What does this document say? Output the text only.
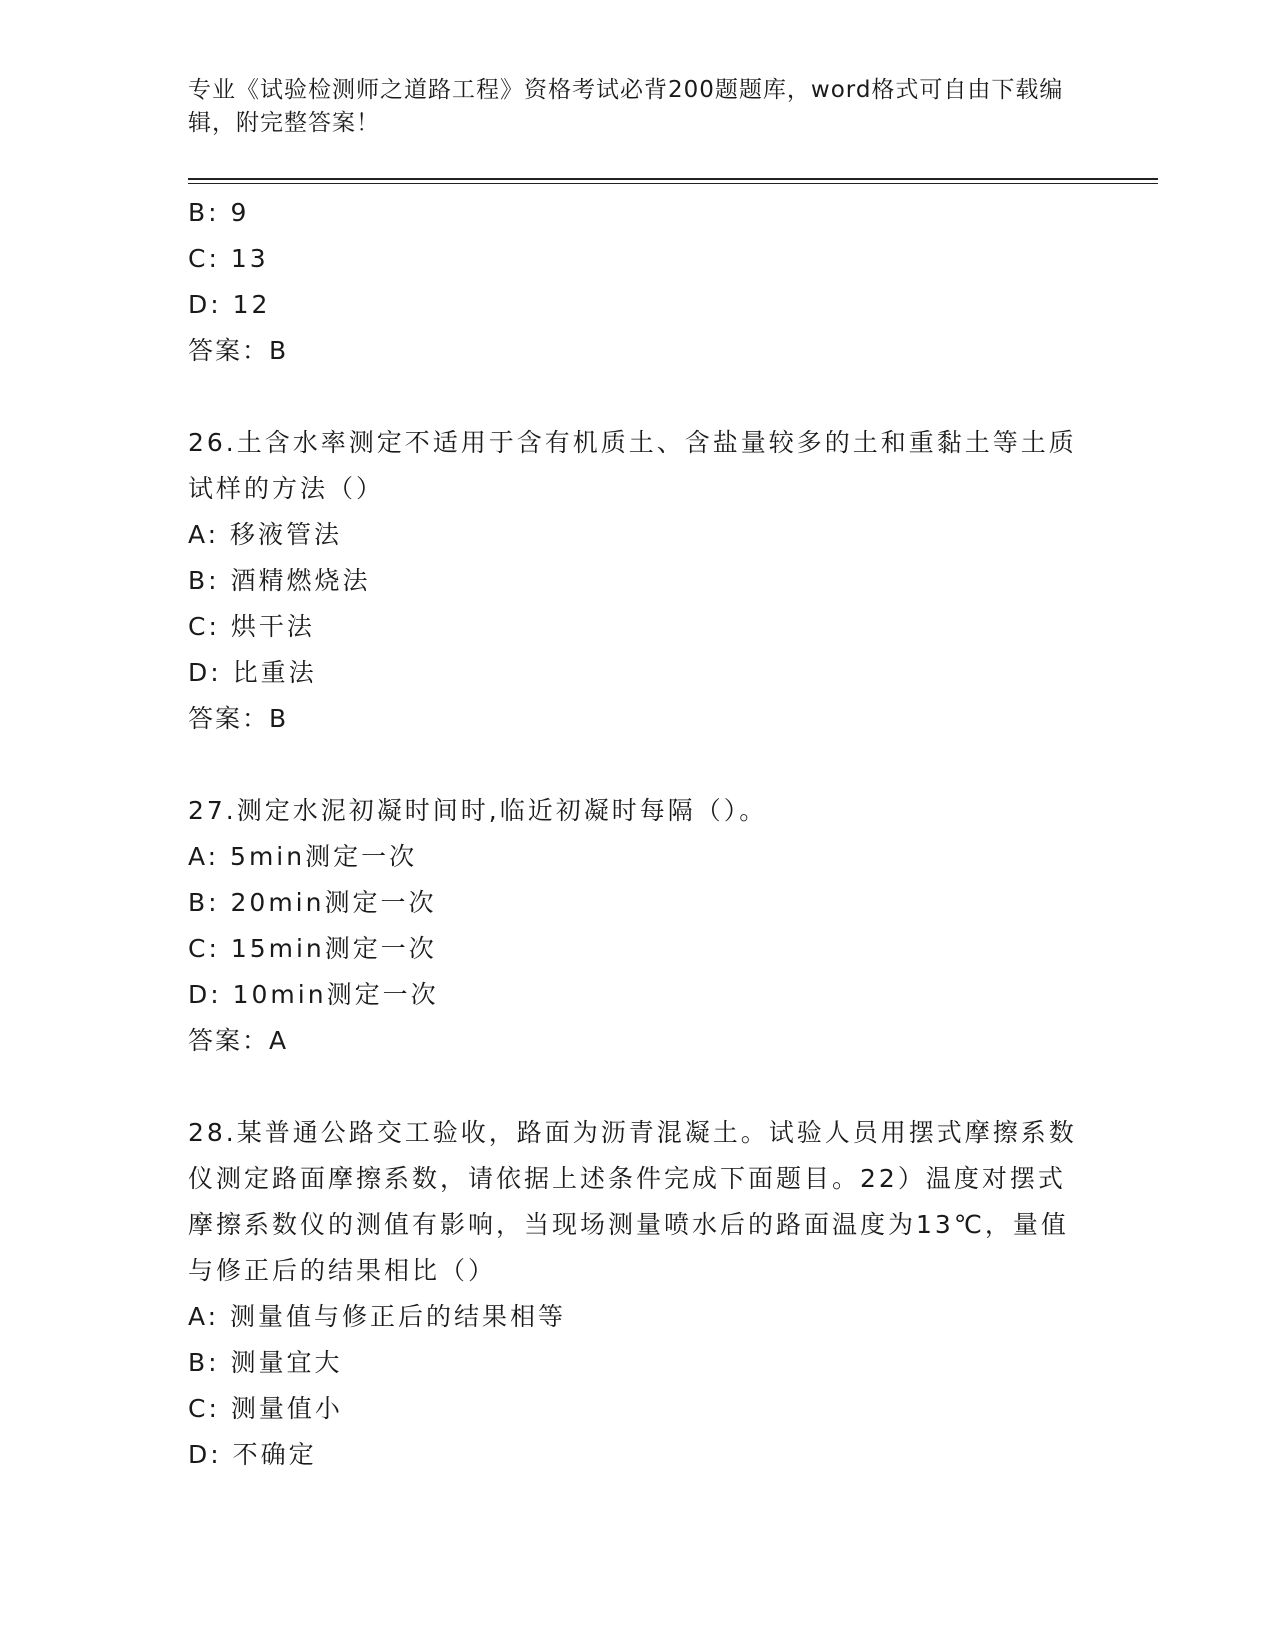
专业《试验检测师之道路工程》资格考试必背200题题库，word格式可自由下载编辑，附完整答案！
B: 9
C: 13
D: 12
答案：B
26.土含水率测定不适用于含有机质土、含盐量较多的土和重黏土等土质试样的方法（）
A: 移液管法
B: 酒精燃烧法
C: 烘干法
D: 比重法
答案：B
27.测定水泥初凝时间时,临近初凝时每隔（）。
A: 5min测定一次
B: 20min测定一次
C: 15min测定一次
D: 10min测定一次
答案：A
28.某普通公路交工验收，路面为沥青混凝土。试验人员用摆式摩擦系数仪测定路面摩擦系数，请依据上述条件完成下面题目。22）温度对摆式摩擦系数仪的测值有影响，当现场测量喷水后的路面温度为13℃，量值与修正后的结果相比（）
A: 测量值与修正后的结果相等
B: 测量宜大
C: 测量值小
D: 不确定
